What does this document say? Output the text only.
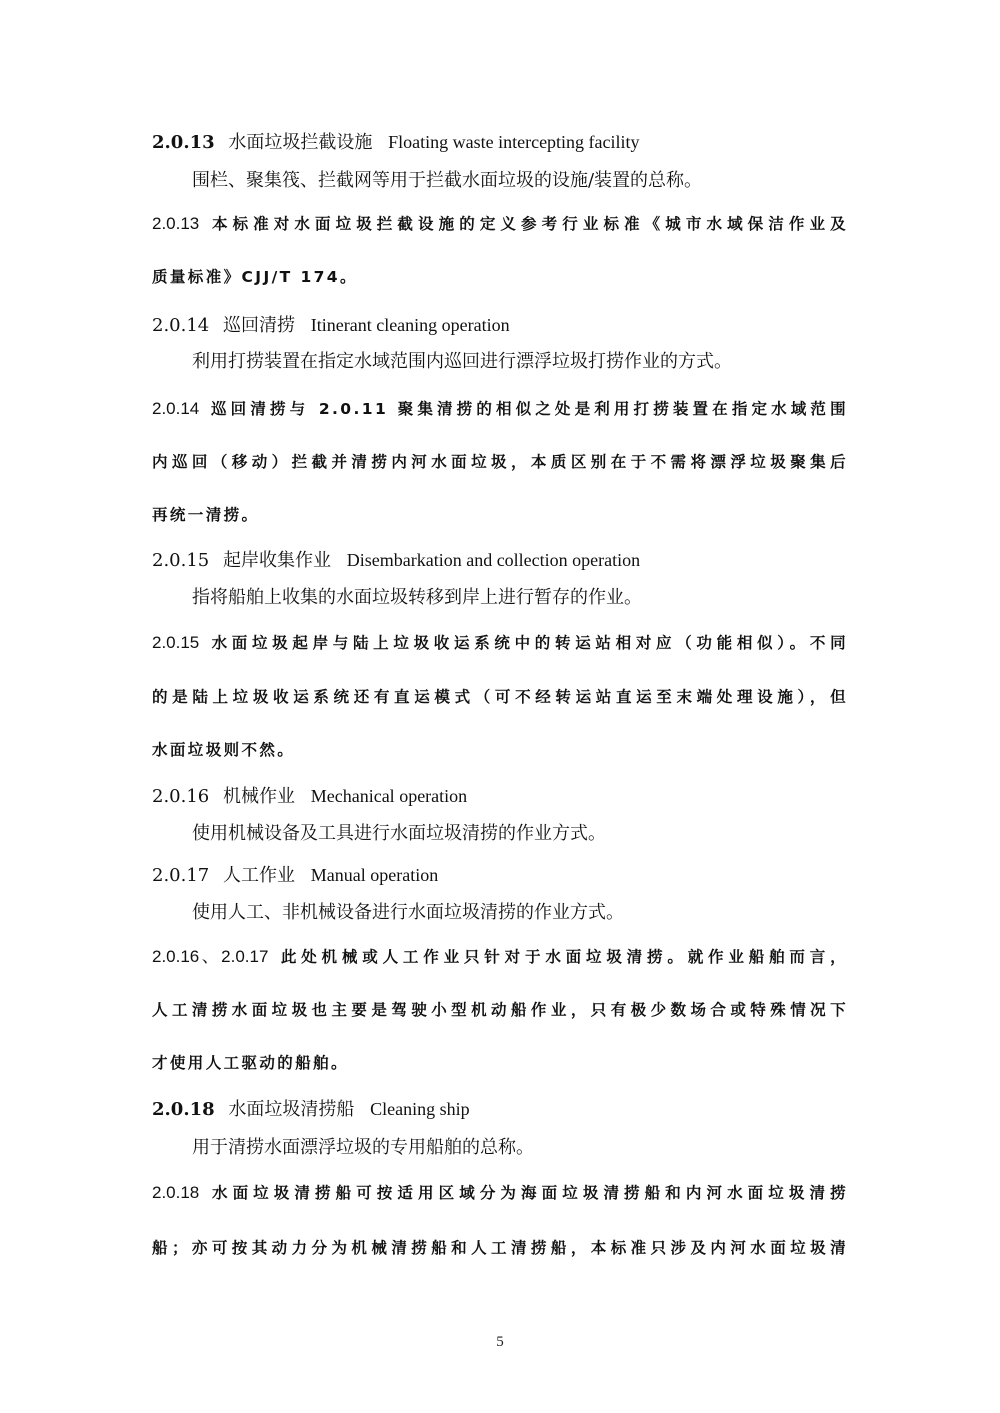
2.0.13 水面垃圾拦截设施 Floating waste intercepting facility
围栏、聚集筏、拦截网等用于拦截水面垃圾的设施/装置的总称。
2.0.13 本标准对水面垃圾拦截设施的定义参考行业标准《城市水域保洁作业及
质量标准》CJJ/T 174。
2.0.14 巡回清捞 Itinerant cleaning operation
利用打捞装置在指定水域范围内巡回进行漂浮垃圾打捞作业的方式。
2.0.14 巡回清捞与 2.0.11 聚集清捞的相似之处是利用打捞装置在指定水域范围
内巡回（移动）拦截并清捞内河水面垃圾，本质区别在于不需将漂浮垃圾聚集后
再统一清捞。
2.0.15 起岸收集作业 Disembarkation and collection operation
指将船舶上收集的水面垃圾转移到岸上进行暂存的作业。
2.0.15 水面垃圾起岸与陆上垃圾收运系统中的转运站相对应（功能相似）。不同
的是陆上垃圾收运系统还有直运模式（可不经转运站直运至末端处理设施），但
水面垃圾则不然。
2.0.16 机械作业 Mechanical operation
使用机械设备及工具进行水面垃圾清捞的作业方式。
2.0.17 人工作业 Manual operation
使用人工、非机械设备进行水面垃圾清捞的作业方式。
2.0.16、2.0.17 此处机械或人工作业只针对于水面垃圾清捞。就作业船舶而言，
人工清捞水面垃圾也主要是驾驶小型机动船作业，只有极少数场合或特殊情况下
才使用人工驱动的船舶。
2.0.18 水面垃圾清捞船 Cleaning ship
用于清捞水面漂浮垃圾的专用船舶的总称。
2.0.18 水面垃圾清捞船可按适用区域分为海面垃圾清捞船和内河水面垃圾清捞
船；亦可按其动力分为机械清捞船和人工清捞船，本标准只涉及内河水面垃圾清
5
